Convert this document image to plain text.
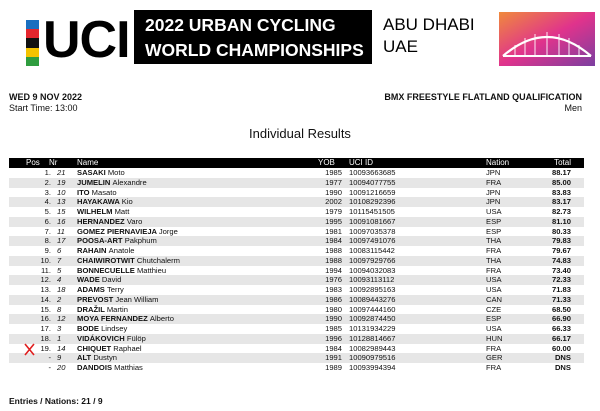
UCI 2022 URBAN CYCLING
WORLD CHAMPIONSHIPS
ABU DHABI
UAE
WED 9 NOV 2022
Start Time: 13:00
BMX FREESTYLE FLATLAND QUALIFICATION
Men
Individual Results
Pos Nr Name	YOB UCI ID	Nation	Total
1. 21 SASAKI Moto	1985 10093663685	JPN	88.17
2. 19 JUMELIN Alexandre	1977 10094077755	FRA	85.00
3. 10 ITO Masato	1990 10091216659	JPN	83.83
4. 13 HAYAKAWA Kio	2002 10108292396	JPN	83.17
5. 15 WILHELM Matt	1979 10115451505	USA	82.73
6. 16 HERNANDEZ Varo	1995 10091081667	ESP	81.10
7. 11 GOMEZ PIERNAVIEJA Jorge	1981 10097035378	ESP	80.33
8. 17 POOSA-ART Pakphum	1984 10097491076	THA	79.83
9. 6 RAHAIN Anatole	1988 10083115442	FRA	79.67
10. 7 CHAIWIROTWIT Chutchalerm	1988 10097929766	THA	74.83
11. 5 BONNECUELLE Matthieu	1994 10094032083	FRA	73.40
12. 4 WADE David	1976 10093113112	USA	72.33
13. 18 ADAMS Terry	1983 10092895163	USA	71.83
14. 2 PREVOST Jean William	1986 10089443276	CAN	71.33
15. 8 DRAŽIL Martin	1980 10097444160	CZE	68.50
16. 12 MOYA FERNANDEZ Alberto	1990 10092874450	ESP	66.90
17. 3 BODE Lindsey	1985 10131934229	USA	66.33
18. 1 VIDÁKOVICH Fülöp	1996 10128814667	HUN	66.17
19. 14 CHIQUET Raphael	1984 10082989443	FRA	60.00
- 9 ALT Dustyn	1991 10090979516	GER	DNS
- 20 DANDOIS Matthias	1989 10093994394	FRA	DNS
Entries / Nations: 21 / 9
